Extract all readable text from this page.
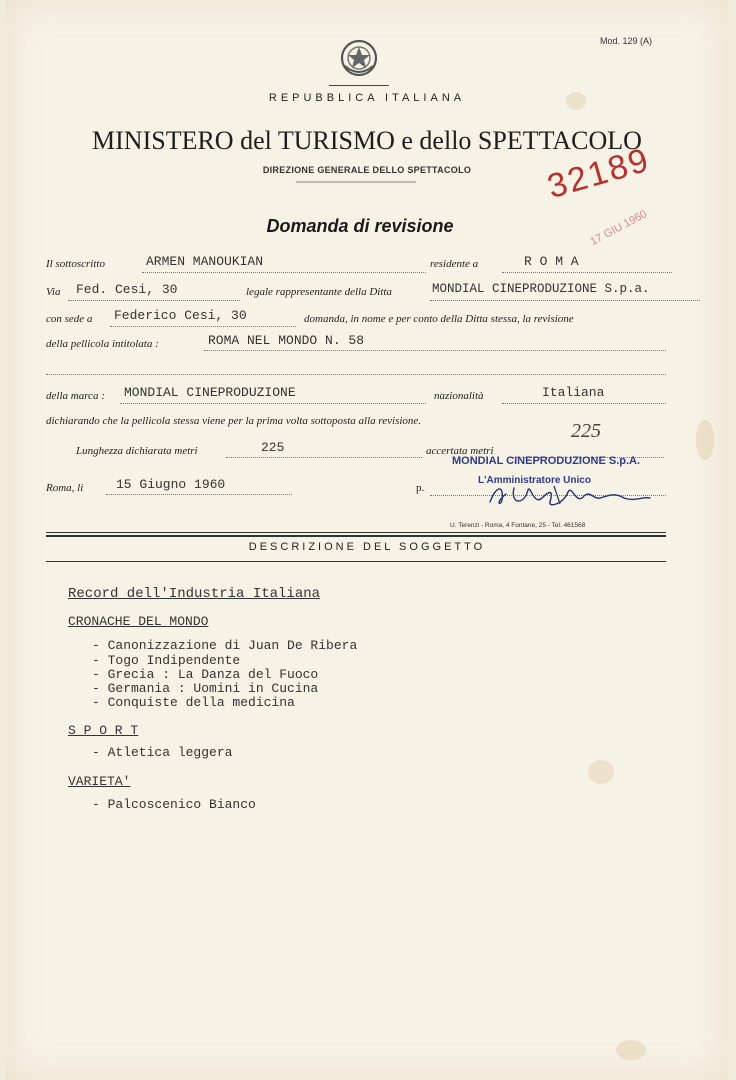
Mod. 129 (A)
REPUBBLICA ITALIANA
MINISTERO del TURISMO e dello SPETTACOLO
DIREZIONE GENERALE DELLO SPETTACOLO
Domanda di revisione
32189
17 GIU 1960
Il sottoscritto	ARMEN MANOUKIAN	residente a	R O M A
Via Fed. Cesi, 30	legale rappresentante della Ditta	MONDIAL CINEPRODUZIONE S.p.a.
con sede a Federico Cesi, 30	domanda, in nome e per conto della Ditta stessa, la revisione
della pellicola intitolata :	ROMA NEL MONDO N. 58
della marca : MONDIAL CINEPRODUZIONE	nazionalità	Italiana
dichiarando che la pellicola stessa viene per la prima volta sottoposta alla revisione.
Lunghezza dichiarata metri	225	accertata metri
225
Roma, li	15 Giugno 1960	p.
MONDIAL CINEPRODUZIONE S.p.A.
L'Amministratore Unico
U. Terenzi - Roma, 4 Fontane, 25 - Tel. 461568
DESCRIZIONE DEL SOGGETTO
Record dell'Industria Italiana
CRONACHE DEL MONDO
- Canonizzazione di Juan De Ribera
- Togo Indipendente
- Grecia : La Danza del Fuoco
- Germania : Uomini in Cucina
- Conquiste della medicina
S P O R T
- Atletica leggera
VARIETA'
- Palcoscenico Bianco
